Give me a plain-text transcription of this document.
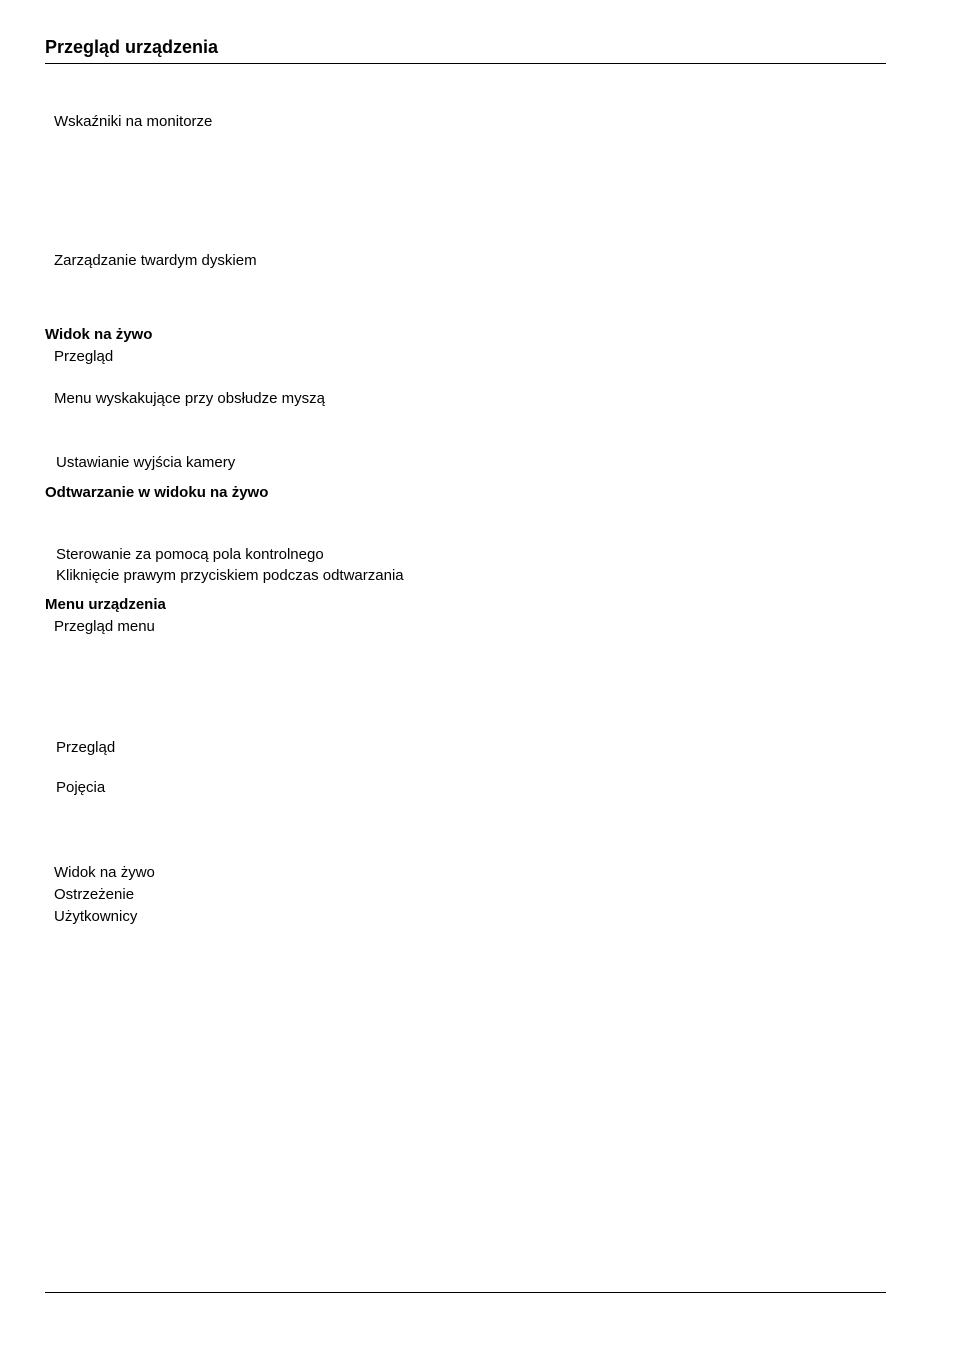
Przegląd urządzenia
Wskaźniki na monitorze
Zarządzanie twardym dyskiem
Widok na żywo
Przegląd
Menu wyskakujące przy obsłudze myszą
Ustawianie wyjścia kamery
Odtwarzanie w widoku na żywo
Sterowanie za pomocą pola kontrolnego
Kliknięcie prawym przyciskiem podczas odtwarzania
Menu urządzenia
Przegląd menu
Przegląd
Pojęcia
Widok na żywo
Ostrzeżenie
Użytkownicy
